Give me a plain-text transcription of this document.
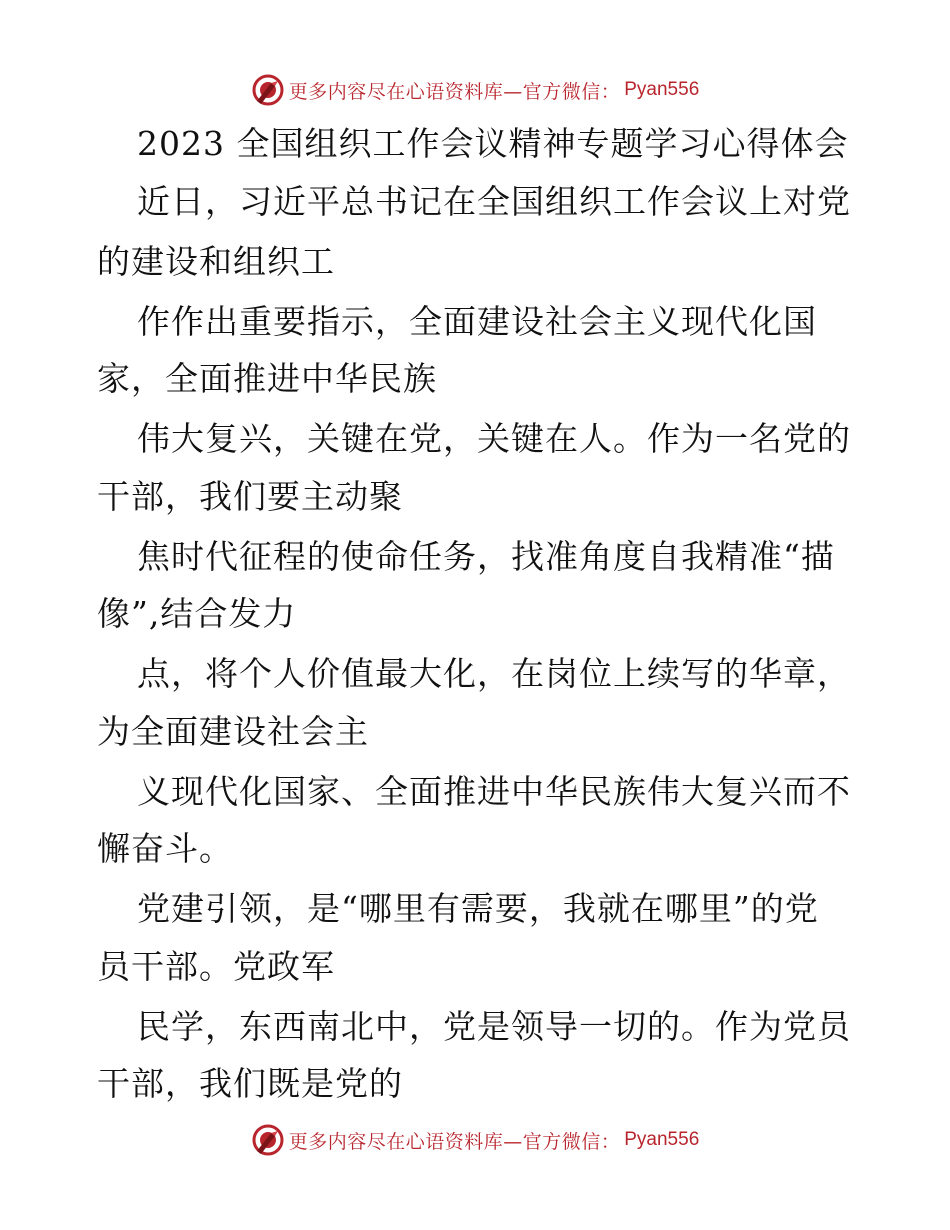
更多内容尽在心语资料库—官方微信： Pyan556
2023 全国组织工作会议精神专题学习心得体会
近日，习近平总书记在全国组织工作会议上对党
的建设和组织工
作作出重要指示，全面建设社会主义现代化国
家，全面推进中华民族
伟大复兴，关键在党，关键在人。作为一名党的
干部，我们要主动聚
焦时代征程的使命任务，找准角度自我精准“描
像”,结合发力
点，将个人价值最大化，在岗位上续写的华章，
为全面建设社会主
义现代化国家、全面推进中华民族伟大复兴而不
懈奋斗。
党建引领，是“哪里有需要，我就在哪里”的党
员干部。党政军
民学，东西南北中，党是领导一切的。作为党员
干部，我们既是党的
更多内容尽在心语资料库—官方微信： Pyan556
